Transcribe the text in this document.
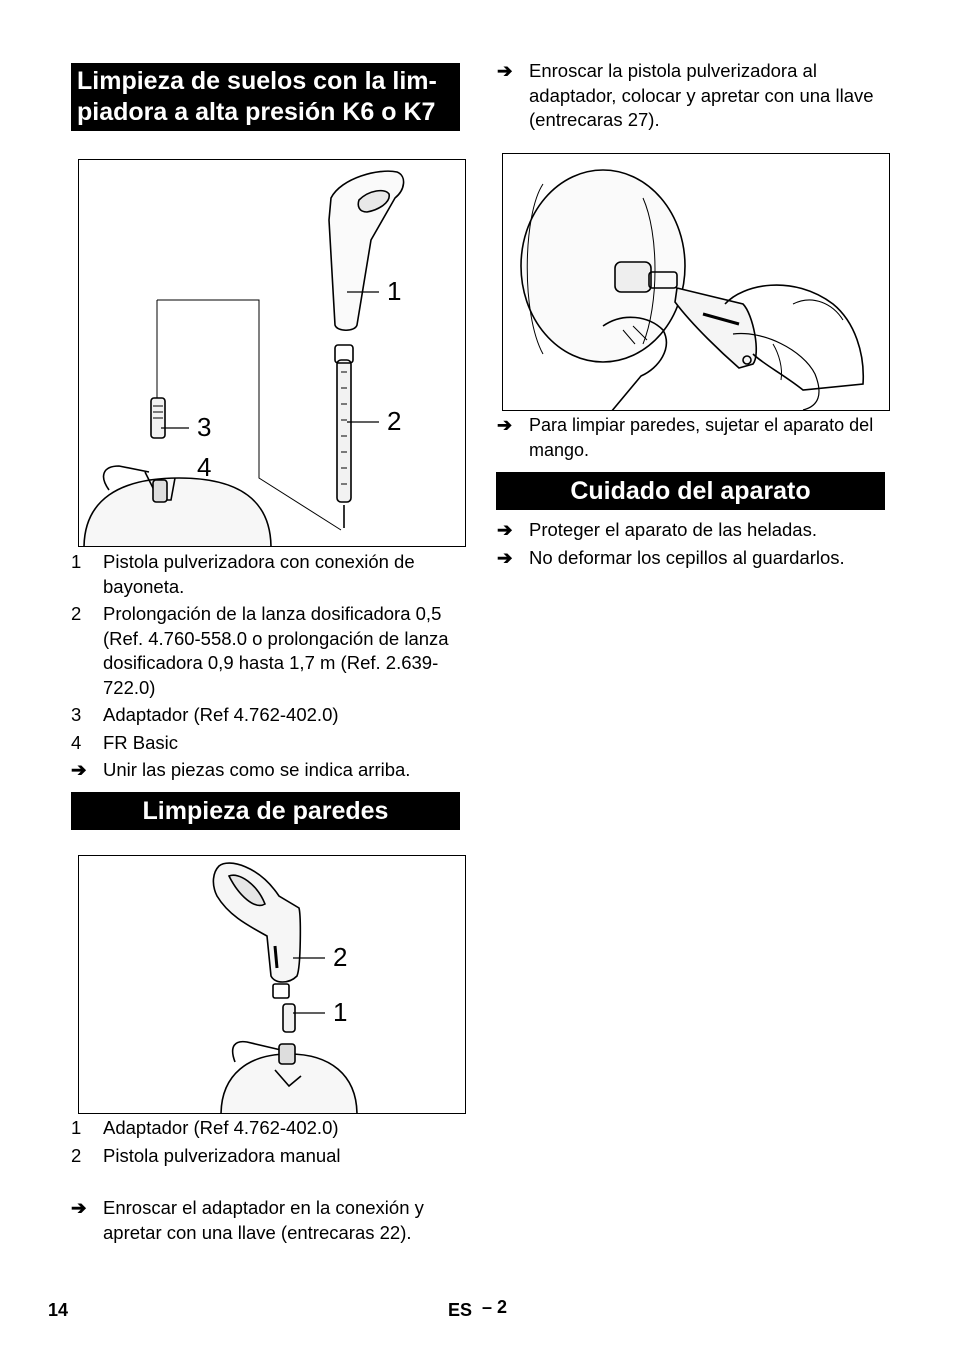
Limpieza de suelos con la lim-
piadora a alta presión K6 o K7
1
2
3
4
1 Pistola pulverizadora con conexión de bayoneta.
2 Prolongación de la lanza dosificadora 0,5 (Ref. 4.760-558.0 o prolongación de lanza dosificadora 0,9 hasta 1,7 m (Ref. 2.639-722.0)
3 Adaptador (Ref 4.762-402.0)
4 FR Basic
➔ Unir las piezas como se indica arriba.
Limpieza de paredes
2
1
1 Adaptador (Ref 4.762-402.0)
2 Pistola pulverizadora manual
➔ Enroscar el adaptador en la conexión y apretar con una llave (entrecaras 22).
➔ Enroscar la pistola pulverizadora al adaptador, colocar y apretar con una llave (entrecaras 27).
➔ Para limpiar paredes, sujetar el aparato del mango.
Cuidado del aparato
➔ Proteger el aparato de las heladas.
➔ No deformar los cepillos al guardarlos.
14	ES – 2
